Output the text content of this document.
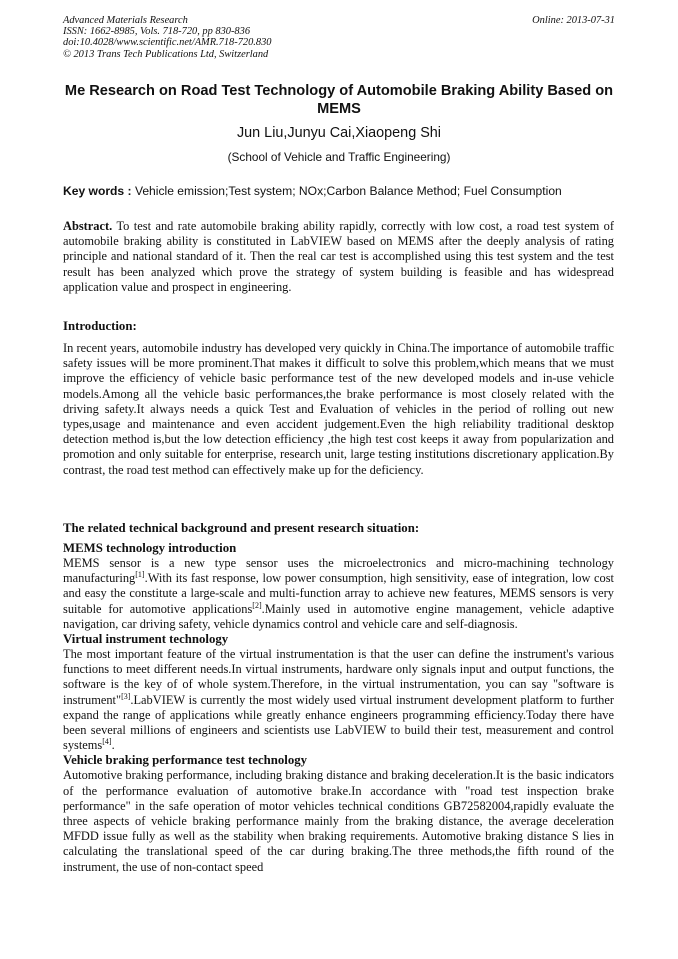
Advanced Materials Research
ISSN: 1662-8985, Vols. 718-720, pp 830-836
doi:10.4028/www.scientific.net/AMR.718-720.830
© 2013 Trans Tech Publications Ltd, Switzerland
Online: 2013-07-31
Me Research on Road Test Technology of Automobile Braking Ability Based on MEMS
Jun Liu,Junyu Cai,Xiaopeng Shi
(School of Vehicle and Traffic Engineering)
Key words : Vehicle emission;Test system; NOx;Carbon Balance Method; Fuel Consumption

Abstract. To test and rate automobile braking ability rapidly, correctly with low cost, a road test system of automobile braking ability is constituted in LabVIEW based on MEMS after the deeply analysis of rating principle and national standard of it. Then the real car test is accomplished using this test system and the test result has been analyzed which prove the strategy of system building is feasible and has widespread application value and prospect in engineering.

Introduction:

In recent years, automobile industry has developed very quickly in China.The importance of automobile traffic safety issues will be more prominent.That makes it difficult to solve this problem,which means that we must improve the efficiency of vehicle basic performance test of the new developed models and in-use vehicle models.Among all the vehicle basic performances,the brake performance is most closely related with the driving safety.It always needs a quick Test and Evaluation of vehicles in the period of rolling out new types,usage and maintenance and even accident judgement.Even the high reliability traditional desktop detection method is,but the low detection efficiency ,the high test cost keeps it away from popularization and promotion and only suitable for enterprise, research unit, large testing institutions discretionary application.By contrast, the road test method can effectively make up for the deficiency.

The related technical background and present research situation:

MEMS technology introduction

MEMS sensor is a new type sensor uses the microelectronics and micro-machining technology manufacturing[1].With its fast response, low power consumption, high sensitivity, ease of integration, low cost and easy the constitute a large-scale and multi-function array to achieve new features, MEMS sensors is very suitable for automotive applications[2].Mainly used in automotive engine management, vehicle adaptive navigation, car driving safety, vehicle dynamics control and vehicle care and self-diagnosis.

Virtual instrument technology

The most important feature of the virtual instrumentation is that the user can define the instrument's various functions to meet different needs.In virtual instruments, hardware only signals input and output functions, the software is the key of of whole system.Therefore, in the virtual instrumentation, you can say "software is instrument"[3].LabVIEW is currently the most widely used virtual instrument development platform to further expand the range of applications while greatly enhance engineers programming efficiency.Today there have been several millions of engineers and scientists use LabVIEW to build their test, measurement and control systems[4].

Vehicle braking performance test technology

Automotive braking performance, including braking distance and braking deceleration.It is the basic indicators of the performance evaluation of automotive brake.In accordance with "road test inspection brake performance" in the safe operation of motor vehicles technical conditions GB72582004,rapidly evaluate the three aspects of vehicle braking performance mainly from the braking distance, the average deceleration MFDD issue fully as well as the stability when braking requirements. Automotive braking distance S lies in calculating the translational speed of the car during braking.The three methods,the fifth round of the instrument, the use of non-contact speed
